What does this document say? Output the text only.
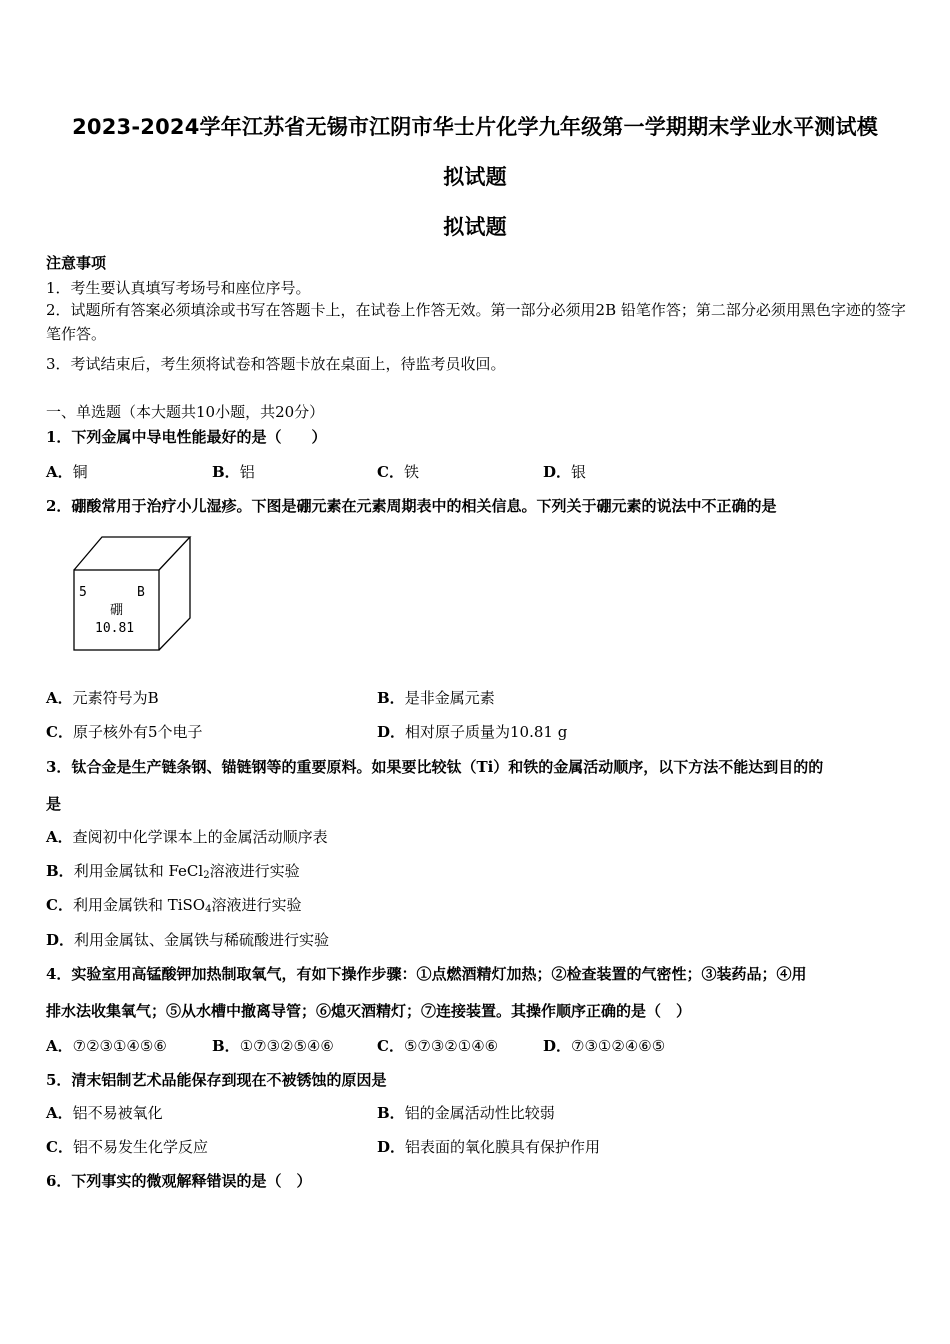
2023-2024学年江苏省无锡市江阴市华士片化学九年级第一学期期末学业水平测试模
拟试题
拟试题
注意事项
1．考生要认真填写考场号和座位序号。
2．试题所有答案必须填涂或书写在答题卡上，在试卷上作答无效。第一部分必须用2B 铅笔作答；第二部分必须用黑色字迹的签字笔作答。
3．考试结束后，考生须将试卷和答题卡放在桌面上，待监考员收回。
一、单选题（本大题共10小题，共20分）
1．下列金属中导电性能最好的是（　　）
A．铜	B．铝	C．铁	D．银
2．硼酸常用于治疗小儿湿疹。下图是硼元素在元素周期表中的相关信息。下列关于硼元素的说法中不正确的是
5	B
硼
10.81
A．元素符号为B	B．是非金属元素
C．原子核外有5个电子	D．相对原子质量为10.81 g
3．钛合金是生产链条钢、锚链钢等的重要原料。如果要比较钛（Ti）和铁的金属活动顺序，以下方法不能达到目的的
是
A．查阅初中化学课本上的金属活动顺序表
B．利用金属钛和 FeCl$_2$溶液进行实验
C．利用金属铁和 TiSO$_4$溶液进行实验
D．利用金属钛、金属铁与稀硫酸进行实验
4．实验室用高锰酸钾加热制取氧气，有如下操作步骤：①点燃酒精灯加热；②检查装置的气密性；③装药品；④用
排水法收集氧气；⑤从水槽中撤离导管；⑥熄灭酒精灯；⑦连接装置。其操作顺序正确的是（　）
A．⑦②③①④⑤⑥	B．①⑦③②⑤④⑥	C．⑤⑦③②①④⑥	D．⑦③①②④⑥⑤
5．清末铝制艺术品能保存到现在不被锈蚀的原因是
A．铝不易被氧化	B．铝的金属活动性比较弱
C．铝不易发生化学反应	D．铝表面的氧化膜具有保护作用
6．下列事实的微观解释错误的是（　）
